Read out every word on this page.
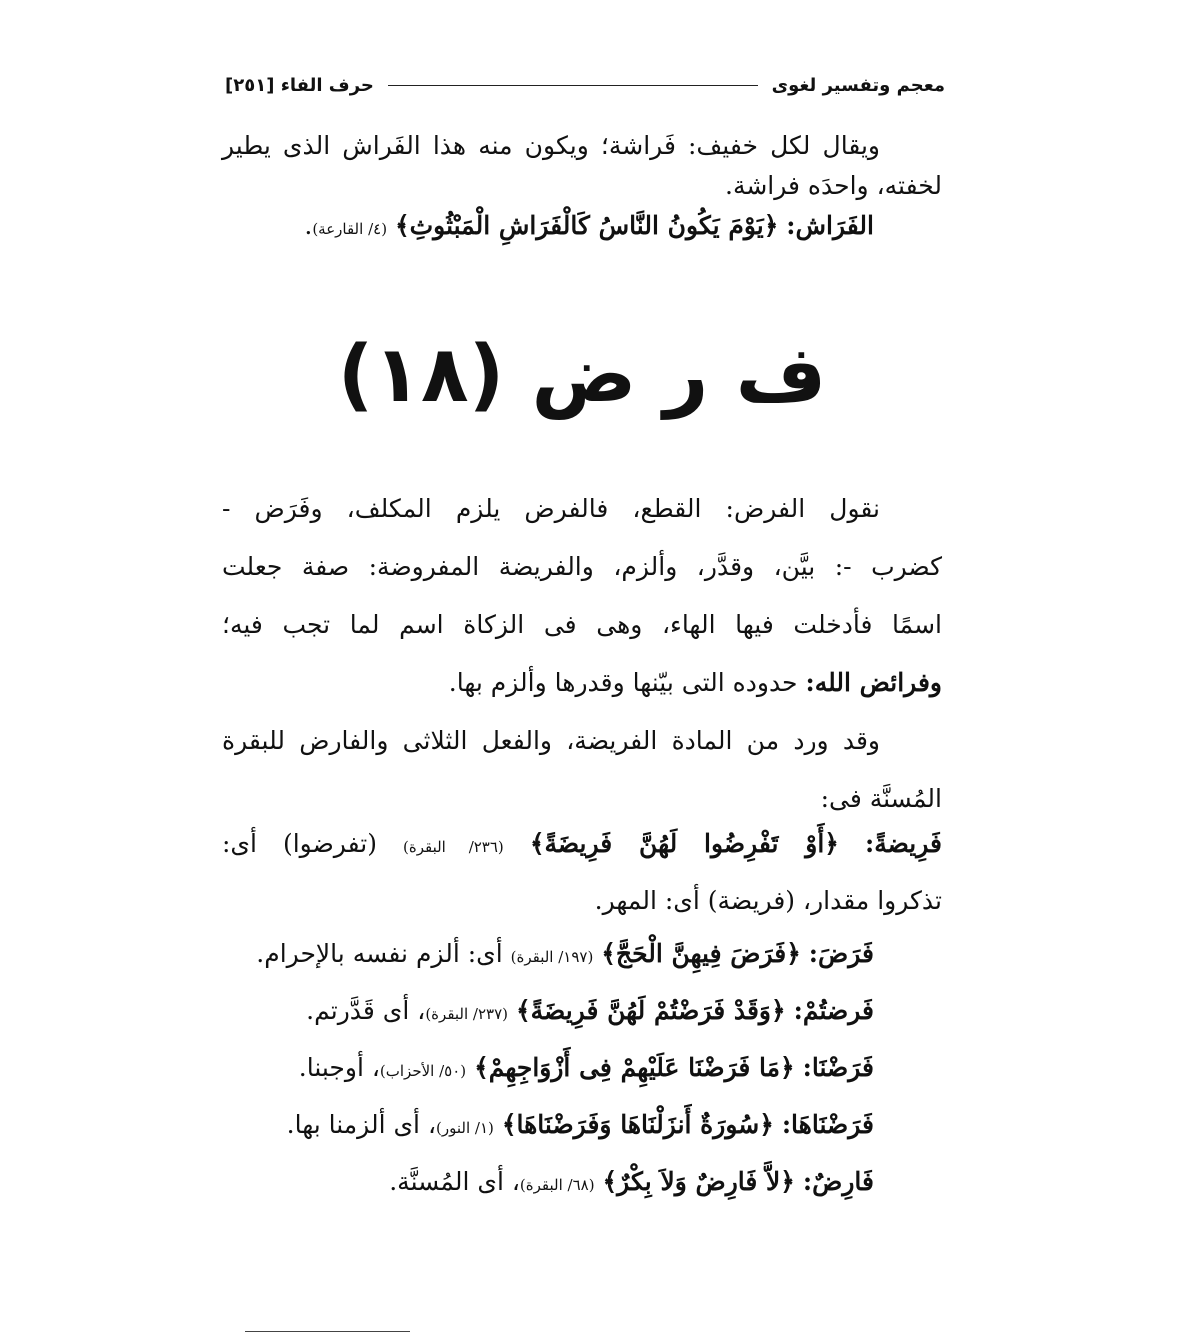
معجم وتفسير لغوى
حرف الفاء [٢٥١]
ويقال لكل خفيف: فَراشة؛ ويكون منه هذا الفَراش الذى يطير
لخفته، واحدَه فراشة.
الفَرَاش: ﴿يَوْمَ يَكُونُ النَّاسُ كَالْفَرَاشِ الْمَبْثُوثِ﴾ (٤/ القارعة).
ف ر ض (١٨)
نقول الفرض: القطع، فالفرض يلزم المكلف، وفَرَض -
كضرب -: بيَّن، وقدَّر، وألزم، والفريضة المفروضة: صفة جعلت
اسمًا فأدخلت فيها الهاء، وهى فى الزكاة اسم لما تجب فيه؛
وفرائض الله: حدوده التى بيّنها وقدرها وألزم بها.
وقد ورد من المادة الفريضة، والفعل الثلاثى والفارض للبقرة
المُسنَّة فى:
فَرِيضةً: ﴿أَوْ تَفْرِضُوا لَهُنَّ فَرِيضَةً﴾ (٢٣٦/ البقرة) (تفرضوا) أى:
تذكروا مقدار، (فريضة) أى: المهر.
فَرَضَ: ﴿فَرَضَ فِيهِنَّ الْحَجَّ﴾ (١٩٧/ البقرة) أى: ألزم نفسه بالإحرام.
فَرضتُمْ: ﴿وَقَدْ فَرَضْتُمْ لَهُنَّ فَرِيضَةً﴾ (٢٣٧/ البقرة)، أى قَدَّرتم.
فَرَضْنَا: ﴿مَا فَرَضْنَا عَلَيْهِمْ فِى أَزْوَاجِهِمْ﴾ (٥٠/ الأحزاب)، أوجبنا.
فَرَضْنَاهَا: ﴿سُورَةٌ أَنزَلْنَاهَا وَفَرَضْنَاهَا﴾ (١/ النور)، أى ألزمنا بها.
فَارِضٌ: ﴿لاَّ فَارِضٌ وَلاَ بِكْرٌ﴾ (٦٨/ البقرة)، أى المُسنَّة.
